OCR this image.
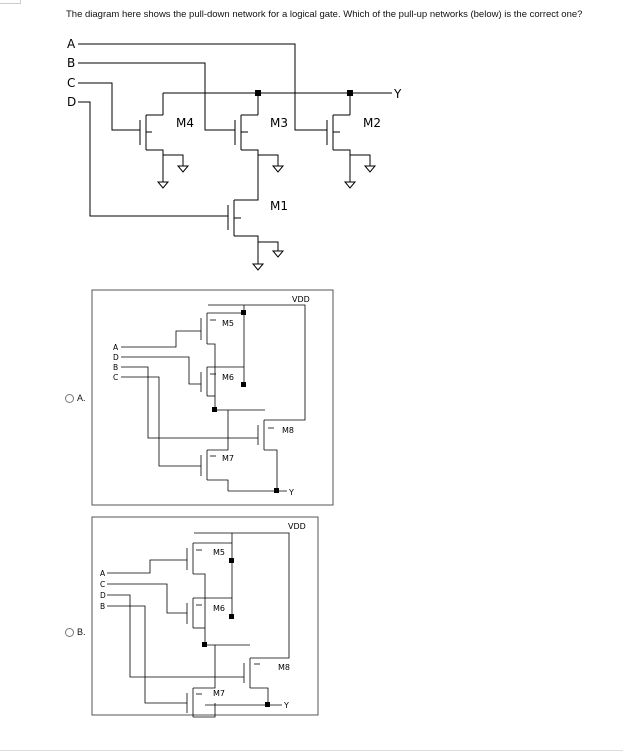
The diagram here shows the pull-down network for a logical gate. Which of the pull-up networks (below) is the correct one?
A
B
C
D
Y
M4	M3	M2
M1
VDD
Y
A
D
B
C
M5
M6
M7
M8
VDD
Y
A
C
D
B
M5
M6
M7
M8
A.
B.
